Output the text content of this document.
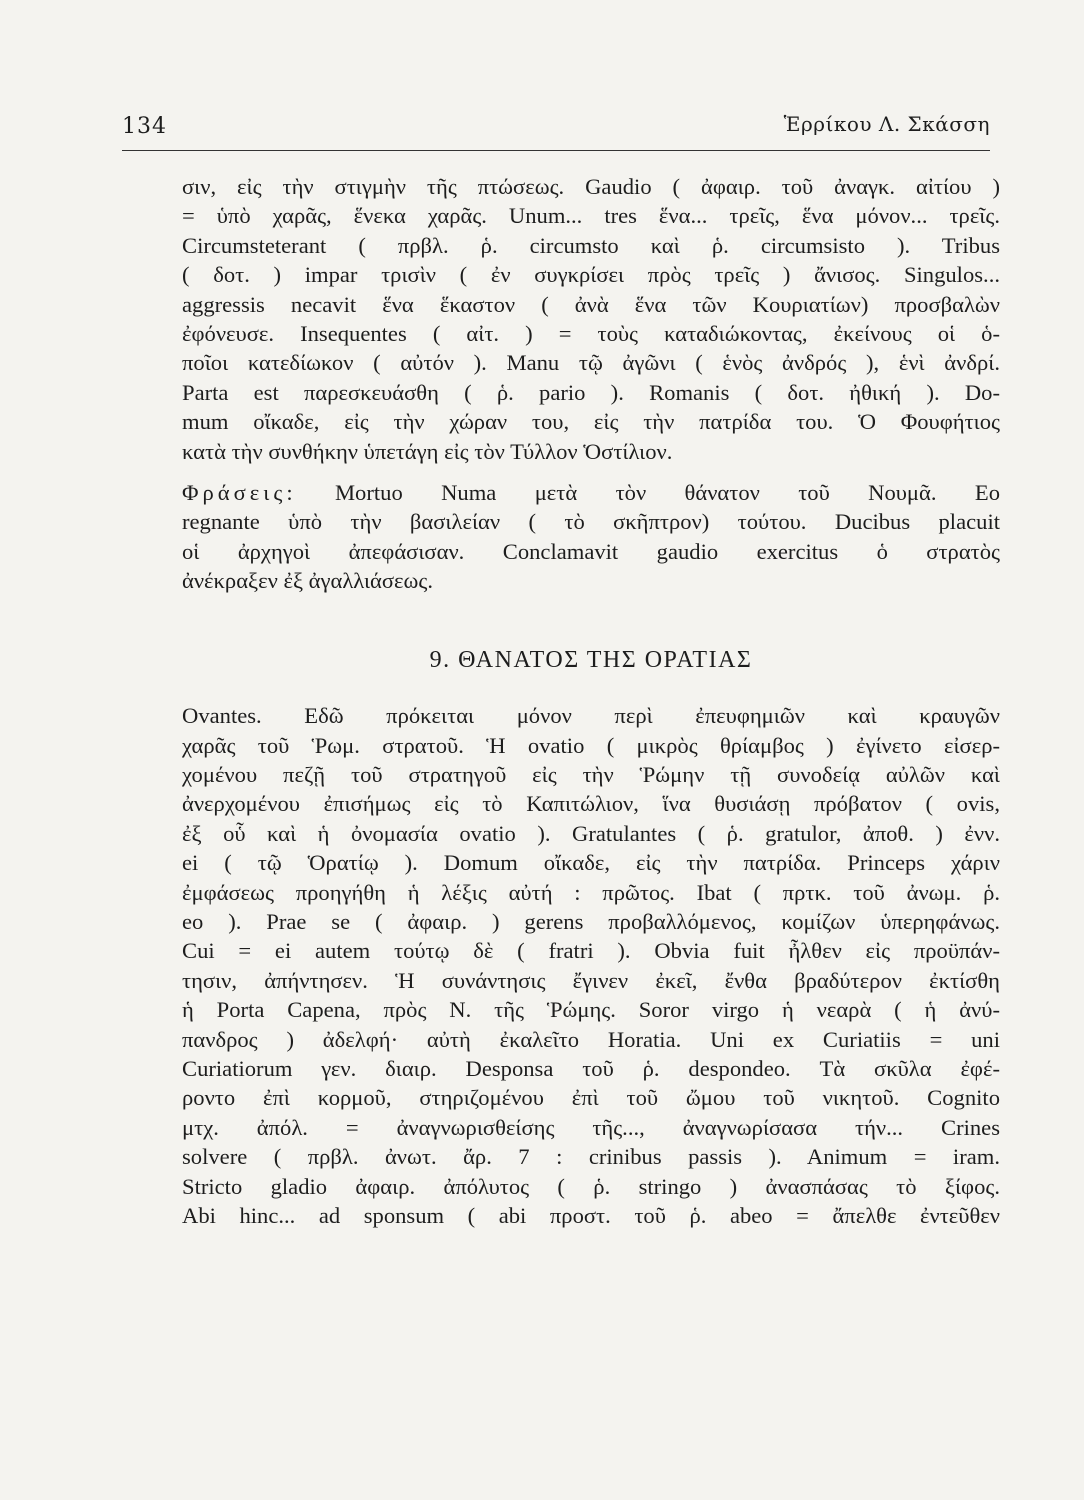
134	Ἑρρίκου Λ. Σκάσση
σιν, εἰς τὴν στιγμὴν τῆς πτώσεως. Gaudio ( ἀφαιρ. τοῦ ἀναγκ. αἰτίου )
= ὑπὸ χαρᾶς, ἕνεκα χαρᾶς. Unum... tres ἕνα... τρεῖς, ἕνα μόνον... τρεῖς.
Circumsteterant ( πρβλ. ῥ. circumsto καὶ ῥ. circumsisto ). Tribus
( δοτ. ) impar τρισὶν ( ἐν συγκρίσει πρὸς τρεῖς ) ἄνισος. Singulos...
aggressis necavit ἕνα ἕκαστον ( ἀνὰ ἕνα τῶν Κουριατίων) προσβαλὼν
ἐφόνευσε. Insequentes ( αἰτ. ) = τοὺς καταδιώκοντας, ἐκείνους οἱ ὁ-
ποῖοι κατεδίωκον ( αὐτόν ). Manu τῷ ἀγῶνι ( ἑνὸς ἀνδρός ), ἑνὶ ἀνδρί.
Parta est παρεσκευάσθη ( ῥ. pario ). Romanis ( δοτ. ἠθική ). Do-
mum οἴκαδε, εἰς τὴν χώραν του, εἰς τὴν πατρίδα του. Ὁ Φουφήτιος
κατὰ τὴν συνθήκην ὑπετάγη εἰς τὸν Τύλλον Ὁστίλιον.
Φράσεις: Mortuo Numa μετὰ τὸν θάνατον τοῦ Νουμᾶ. Eo
regnante ὑπὸ τὴν βασιλείαν ( τὸ σκῆπτρον) τούτου. Ducibus placuit
οἱ ἀρχηγοὶ ἀπεφάσισαν. Conclamavit gaudio exercitus ὁ στρατὸς
ἀνέκραξεν ἐξ ἀγαλλιάσεως.
9. ΘΑΝΑΤΟΣ ΤΗΣ ΟΡΑΤΙΑΣ
Ovantes. Εδῶ πρόκειται μόνον περὶ ἐπευφημιῶν καὶ κραυγῶν
χαρᾶς τοῦ Ῥωμ. στρατοῦ. Ἡ ovatio ( μικρὸς θρίαμβος ) ἐγίνετο εἰσερ-
χομένου πεζῇ τοῦ στρατηγοῦ εἰς τὴν Ῥώμην τῇ συνοδείᾳ αὐλῶν καὶ
ἀνερχομένου ἐπισήμως εἰς τὸ Καπιτώλιον, ἵνα θυσιάσῃ πρόβατον ( ovis,
ἐξ οὗ καὶ ἡ ὀνομασία ovatio ). Gratulantes ( ῥ. gratulor, ἀποθ. ) ἐνν.
ei ( τῷ Ὁρατίῳ ). Domum οἴκαδε, εἰς τὴν πατρίδα. Princeps χάριν
ἐμφάσεως προηγήθη ἡ λέξις αὐτή : πρῶτος. Ibat ( πρτκ. τοῦ ἀνωμ. ῥ.
eo ). Prae se ( ἀφαιρ. ) gerens προβαλλόμενος, κομίζων ὑπερηφάνως.
Cui = ei autem τούτῳ δὲ ( fratri ). Obvia fuit ἦλθεν εἰς προϋπάν-
τησιν, ἀπήντησεν. Ἡ συνάντησις ἔγινεν ἐκεῖ, ἔνθα βραδύτερον ἐκτίσθη
ἡ Porta Capena, πρὸς Ν. τῆς Ῥώμης. Soror virgo ἡ νεαρὰ ( ἡ ἀνύ-
πανδρος ) ἀδελφή· αὐτὴ ἐκαλεῖτο Horatia. Uni ex Curiatiis = uni
Curiatiorum γεν. διαιρ. Desponsa τοῦ ῥ. despondeo. Τὰ σκῦλα ἐφέ-
ροντο ἐπὶ κορμοῦ, στηριζομένου ἐπὶ τοῦ ὤμου τοῦ νικητοῦ. Cognito
μτχ. ἀπόλ. = ἀναγνωρισθείσης τῆς..., ἀναγνωρίσασα τήν... Crines
solvere ( πρβλ. ἀνωτ. ἄρ. 7 : crinibus passis ). Animum = iram.
Stricto gladio ἀφαιρ. ἀπόλυτος ( ῥ. stringo ) ἀνασπάσας τὸ ξίφος.
Abi hinc... ad sponsum ( abi προστ. τοῦ ῥ. abeo = ἄπελθε ἐντεῦθεν
